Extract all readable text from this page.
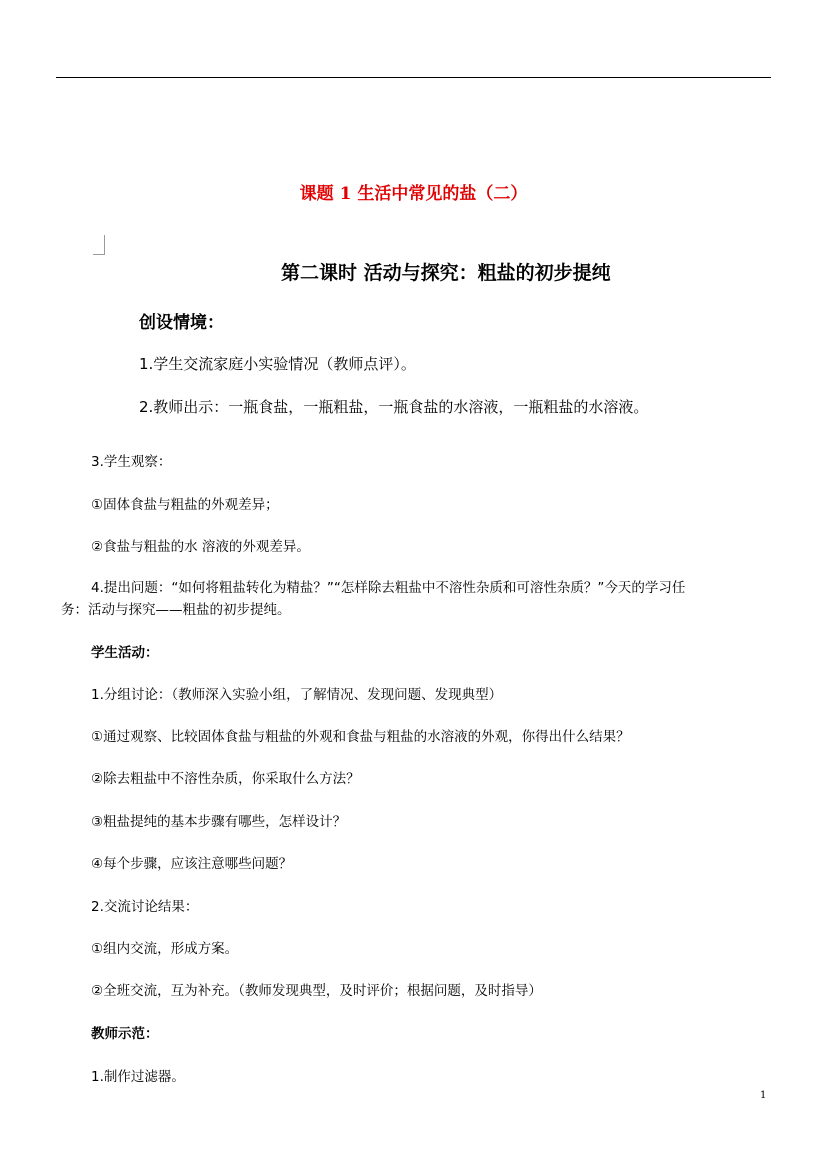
课题 1 生活中常见的盐（二）
第二课时 活动与探究：粗盐的初步提纯
创设情境：
1.学生交流家庭小实验情况（教师点评）。
2.教师出示：一瓶食盐，一瓶粗盐，一瓶食盐的水溶液，一瓶粗盐的水溶液。
3.学生观察：
①固体食盐与粗盐的外观差异；
②食盐与粗盐的水 溶液的外观差异。
4.提出问题：“如何将粗盐转化为精盐？”“怎样除去粗盐中不溶性杂质和可溶性杂质？”今天的学习任
务：活动与探究——粗盐的初步提纯。
学生活动：
1.分组讨论：（教师深入实验小组，了解情况、发现问题、发现典型）
①通过观察、比较固体食盐与粗盐的外观和食盐与粗盐的水溶液的外观，你得出什么结果？
②除去粗盐中不溶性杂质，你采取什么方法？
③粗盐提纯的基本步骤有哪些，怎样设计？
④每个步骤，应该注意哪些问题？
2.交流讨论结果：
①组内交流，形成方案。
②全班交流，互为补充。（教师发现典型，及时评价；根据问题，及时指导）
教师示范：
1.制作过滤器。
1
